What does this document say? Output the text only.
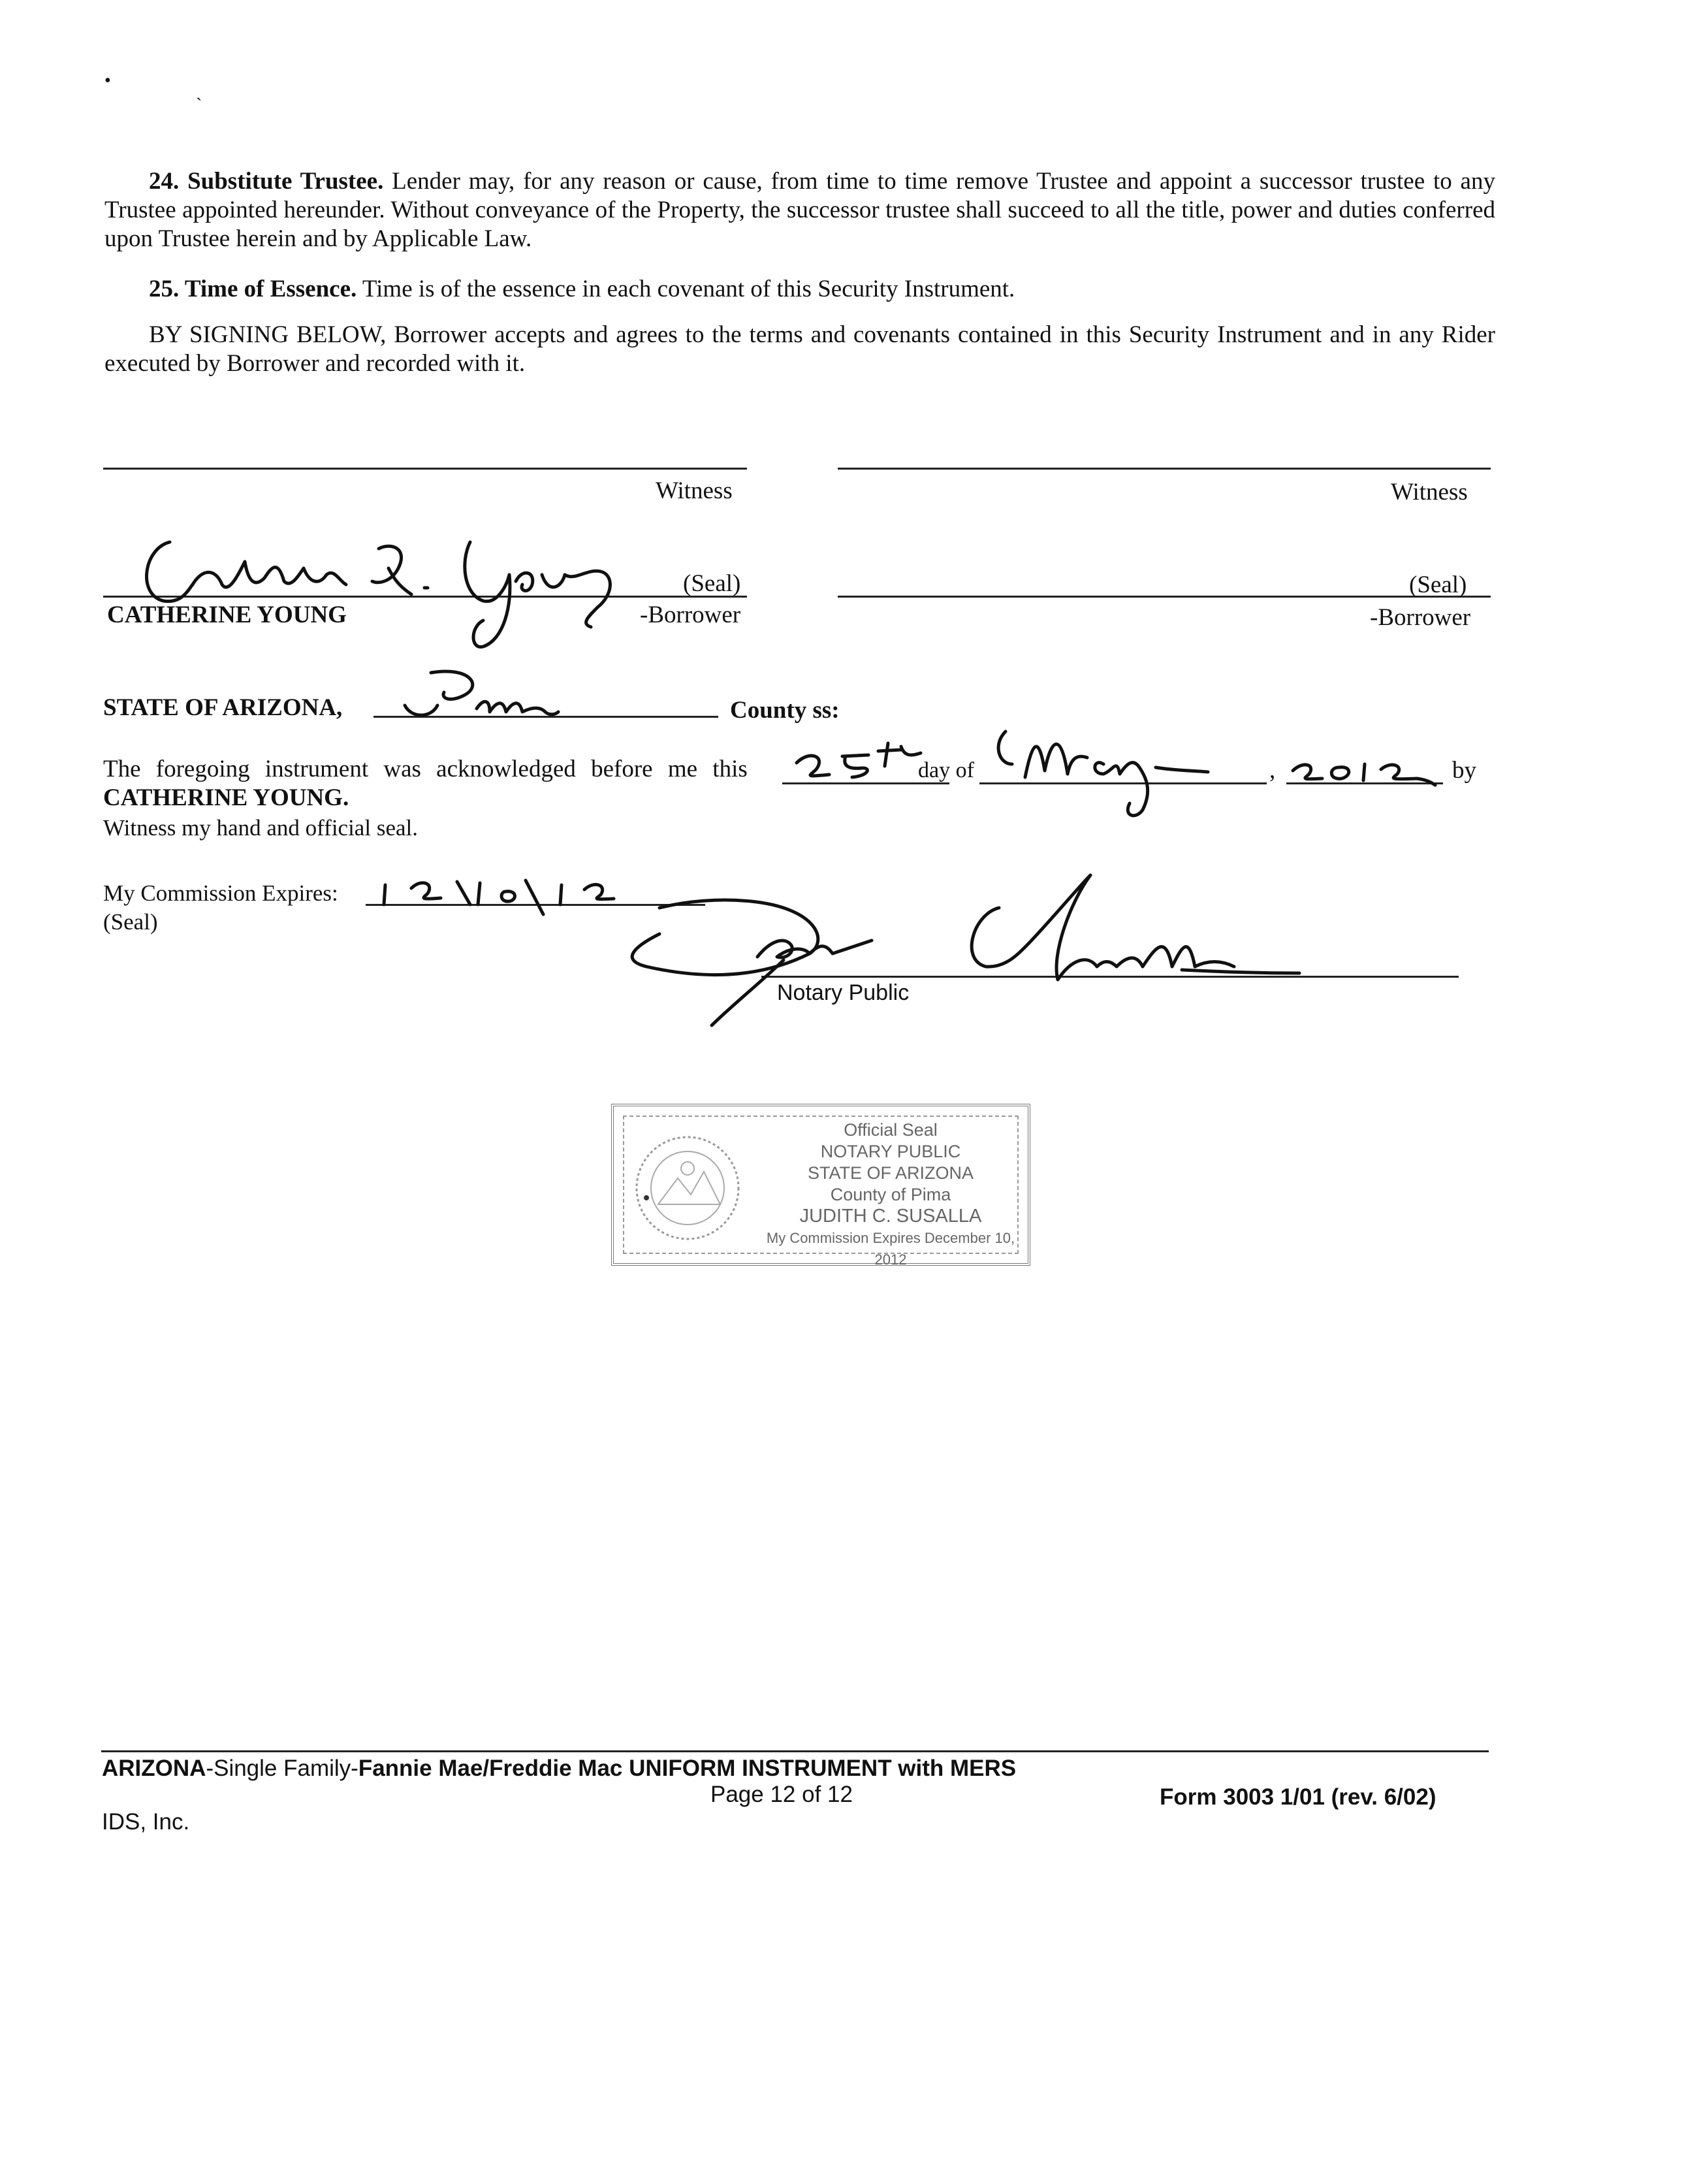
•
ˏ
24. Substitute Trustee. Lender may, for any reason or cause, from time to time remove Trustee and appoint a successor trustee to any Trustee appointed hereunder. Without conveyance of the Property, the successor trustee shall succeed to all the title, power and duties conferred upon Trustee herein and by Applicable Law.
25. Time of Essence. Time is of the essence in each covenant of this Security Instrument.
BY SIGNING BELOW, Borrower accepts and agrees to the terms and covenants contained in this Security Instrument and in any Rider executed by Borrower and recorded with it.
Witness	Witness
(Seal)
CATHERINE YOUNG	-Borrower
(Seal)
-Borrower
STATE OF ARIZONA,
Pima
County ss:
The foregoing instrument was acknowledged before me this
25th
day of
May
,
2012
by
CATHERINE YOUNG.
Witness my hand and official seal.
My Commission Expires:
12/10/12
(Seal)
Notary Public
Official Seal
NOTARY PUBLIC
STATE OF ARIZONA
County of Pima
JUDITH C. SUSALLA
My Commission Expires December 10, 2012
ARIZONA-Single Family-Fannie Mae/Freddie Mac UNIFORM INSTRUMENT with MERS
Page 12 of 12	Form 3003 1/01 (rev. 6/02)
IDS, Inc.
